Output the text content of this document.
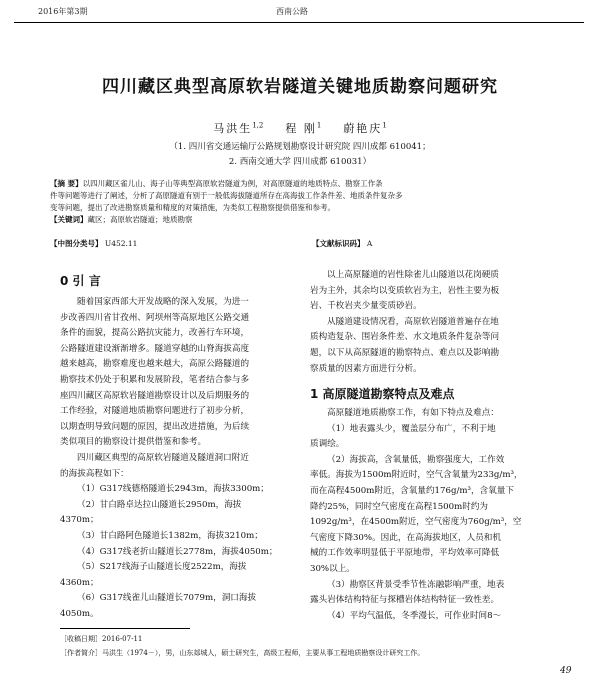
2016年第3期	西南公路
四川藏区典型高原软岩隧道关键地质勘察问题研究
马洪生$^{1,2}$ 程 刚$^1$ 蔚艳庆$^1$
（1. 四川省交通运输厅公路规划勘察设计研究院 四川成都 610041；
2. 西南交通大学 四川成都 610031）
【摘 要】以四川藏区雀儿山、海子山等典型高原软岩隧道为例，对高原隧道的地质特点、勘察工作条
件等问题等进行了阐述，分析了高原隧道有别于一般低海拔隧道所存在高海拔工作条件差、地质条件复杂多
变等问题，提出了改进勘察质量和精度的对策措施，为类似工程勘察提供借鉴和参考。
【关键词】藏区；高原软岩隧道；地质勘察
【中图分类号】 U452.11	【文献标识码】 A
0 引 言
随着国家西部大开发战略的深入发展，为进一
步改善四川省甘孜州、阿坝州等高原地区公路交通
条件的面貌，提高公路抗灾能力，改善行车环境，
公路隧道建设渐渐增多。隧道穿越的山脊海拔高度
越来越高，勘察难度也越来越大，高原公路隧道的
勘察技术仍处于积累和发展阶段，笔者结合参与多
座四川藏区高原软岩隧道勘察设计以及后期服务的
工作经验，对隧道地质勘察问题进行了初步分析，
以期查明导致问题的原因，提出改进措施，为后续
类似项目的勘察设计提供借鉴和参考。
四川藏区典型的高原软岩隧道及隧道洞口附近
的海拔高程如下：
（1）G317线德格隧道长2943m，海拔3300m；
（2）甘白路卓达拉山隧道长2950m，海拔
4370m；
（3）甘白路阿色隧道长1382m，海拔3210m；
（4）G317线老折山隧道长2778m，海拔4050m；
（5）S217线海子山隧道长度2522m，海拔
4360m；
（6）G317线雀儿山隧道长7079m，洞口海拔
4050m。
以上高原隧道的岩性除雀儿山隧道以花岗硬质
岩为主外，其余均以变质软岩为主，岩性主要为板
岩、千枚岩夹少量变质砂岩。
从隧道建设情况看，高原软岩隧道普遍存在地
质构造复杂、围岩条件差、水文地质条件复杂等问
题，以下从高原隧道的勘察特点、难点以及影响勘
察质量的因素方面进行分析。
1 高原隧道勘察特点及难点
高原隧道地质勘察工作，有如下特点及难点：
（1）地表露头少，覆盖层分布广，不利于地
质调绘。
（2）海拔高，含氧量低，勘察强度大，工作效
率低。海拔为1500m附近时，空气含氧量为233g/m³，
而在高程4500m附近，含氧量约176g/m³，含氧量下
降约25%，同时空气密度在高程1500m时约为
1092g/m³，在4500m附近，空气密度为760g/m³，空
气密度下降30%。因此，在高海拔地区，人员和机
械的工作效率明显低于平原地带，平均效率可降低
30%以上。
（3）勘察区背景受季节性冻融影响严重，地表
露头岩体结构特征与探槽岩体结构特征一致性差。
（4）平均气温低，冬季漫长，可作业时间8～
［收稿日期］2016-07-11
［作者简介］马洪生（1974－），男，山东郯城人，硕士研究生，高级工程师，主要从事工程地质勘察设计研究工作。
49
